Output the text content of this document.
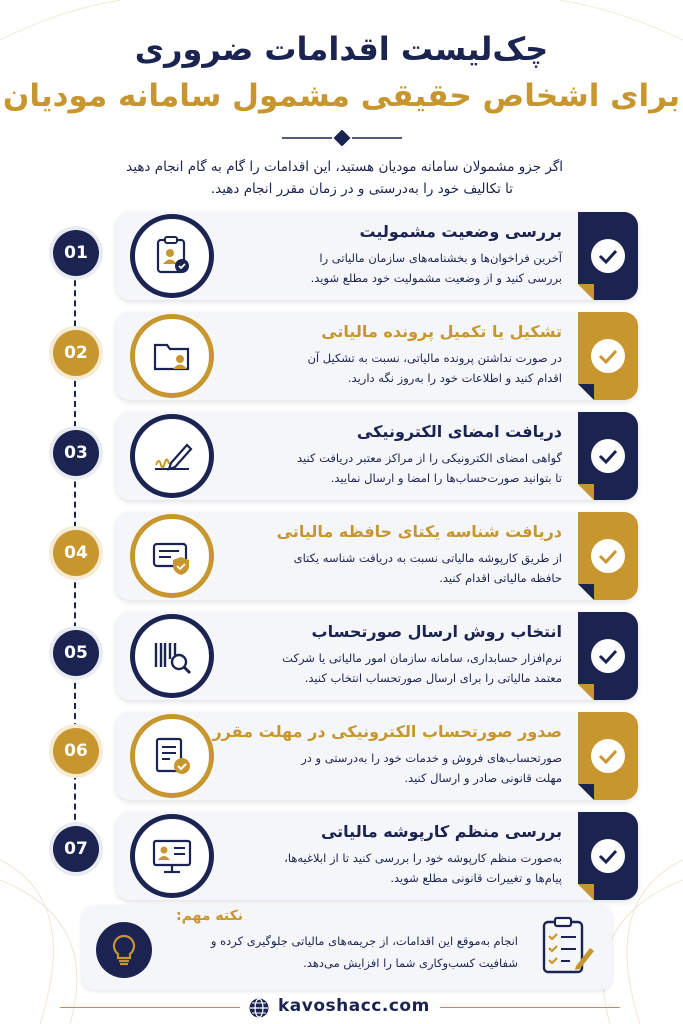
چک‌لیست اقدامات ضروری
برای اشخاص حقیقی مشمول سامانه مودیان
اگر جزو مشمولان سامانه مودیان هستید، این اقدامات را گام به گام انجام دهید
تا تکالیف خود را به‌درستی و در زمان مقرر انجام دهید.
01
بررسی وضعیت مشمولیت
آخرین فراخوان‌ها و بخشنامه‌های سازمان مالیاتی را
بررسی کنید و از وضعیت مشمولیت خود مطلع شوید.
02
تشکیل یا تکمیل پرونده مالیاتی
در صورت نداشتن پرونده مالیاتی، نسبت به تشکیل آن
اقدام کنید و اطلاعات خود را به‌روز نگه دارید.
03
دریافت امضای الکترونیکی
گواهی امضای الکترونیکی را از مراکز معتبر دریافت کنید
تا بتوانید صورت‌حساب‌ها را امضا و ارسال نمایید.
04
دریافت شناسه یکتای حافظه مالیاتی
از طریق کارپوشه مالیاتی نسبت به دریافت شناسه یکتای
حافظه مالیاتی اقدام کنید.
05
انتخاب روش ارسال صورتحساب
نرم‌افزار حسابداری، سامانه سازمان امور مالیاتی یا شرکت
معتمد مالیاتی را برای ارسال صورتحساب انتخاب کنید.
06
صدور صورتحساب الکترونیکی در مهلت مقرر
صورتحساب‌های فروش و خدمات خود را به‌درستی و در
مهلت قانونی صادر و ارسال کنید.
07
بررسی منظم کارپوشه مالیاتی
به‌صورت منظم کارپوشه خود را بررسی کنید تا از ابلاغیه‌ها،
پیام‌ها و تغییرات قانونی مطلع شوید.
نکته مهم:
انجام به‌موقع این اقدامات، از جریمه‌های مالیاتی جلوگیری کرده و
شفافیت کسب‌وکاری شما را افزایش می‌دهد.
kavoshacc.com
